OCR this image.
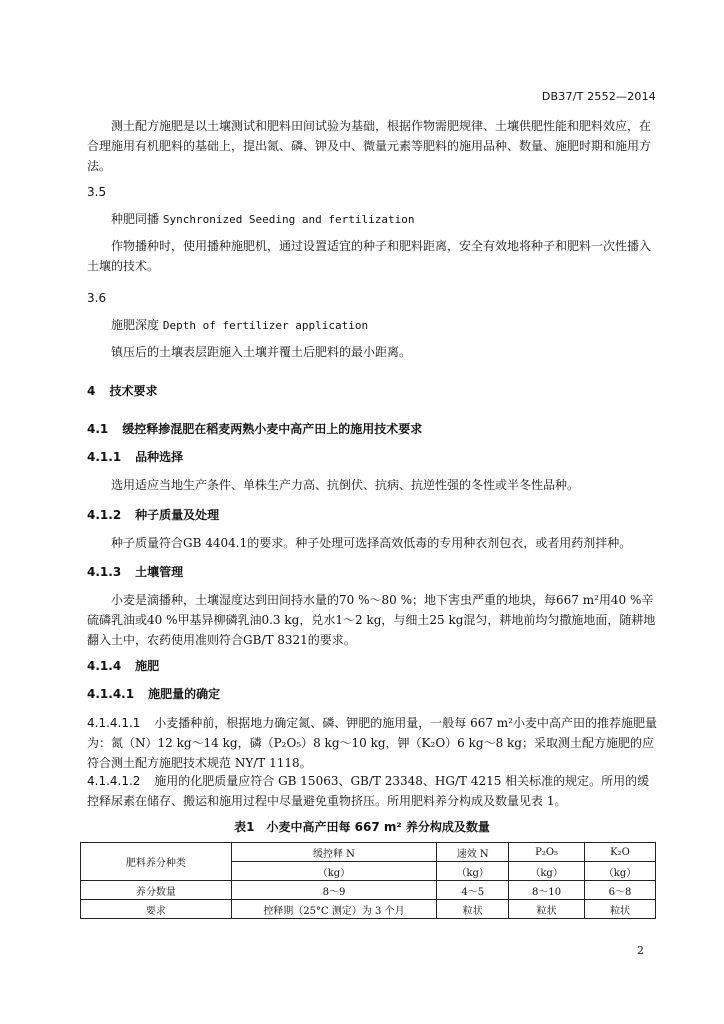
DB37/T 2552—2014
测土配方施肥是以土壤测试和肥料田间试验为基础，根据作物需肥规律、土壤供肥性能和肥料效应，在合理施用有机肥料的基础上，提出氮、磷、钾及中、微量元素等肥料的施用品种、数量、施肥时期和施用方法。
3.5
种肥同播 Synchronized Seeding and fertilization
作物播种时，使用播种施肥机，通过设置适宜的种子和肥料距离，安全有效地将种子和肥料一次性播入土壤的技术。
3.6
施肥深度 Depth of fertilizer application
镇压后的土壤表层距施入土壤并覆土后肥料的最小距离。
4 技术要求
4.1 缓控释掺混肥在稻麦两熟小麦中高产田上的施用技术要求
4.1.1 品种选择
选用适应当地生产条件、单株生产力高、抗倒伏、抗病、抗逆性强的冬性或半冬性品种。
4.1.2 种子质量及处理
种子质量符合GB 4404.1的要求。种子处理可选择高效低毒的专用种衣剂包衣，或者用药剂拌种。
4.1.3 土壤管理
小麦是滴播种，土壤湿度达到田间持水量的70 %～80 %；地下害虫严重的地块，每667 m²用40 %辛硫磷乳油或40 %甲基异柳磷乳油0.3 kg，兑水1～2 kg，与细土25 kg混匀，耕地前均匀撒施地面，随耕地翻入土中，农药使用准则符合GB/T 8321的要求。
4.1.4 施肥
4.1.4.1 施肥量的确定
4.1.4.1.1 小麦播种前，根据地力确定氮、磷、钾肥的施用量，一般每 667 m²小麦中高产田的推荐施肥量为：氮（N）12 kg～14 kg，磷（P₂O₅）8 kg～10 kg，钾（K₂O）6 kg～8 kg；采取测土配方施肥的应符合测土配方施肥技术规范 NY/T 1118。
4.1.4.1.2 施用的化肥质量应符合 GB 15063、GB/T 23348、HG/T 4215 相关标准的规定。所用的缓控释尿素在储存、搬运和施用过程中尽量避免重物挤压。所用肥料养分构成及数量见表 1。
表1　小麦中高产田每 667 m² 养分构成及数量
肥料养分种类	缓控释 N	速效 N	P₂O₅	K₂O
	（kg）	（kg）	（kg）	（kg）
养分数量	8～9	4～5	8～10	6～8
要求	控释期（25°C 测定）为 3 个月	粒状	粒状	粒状
2
